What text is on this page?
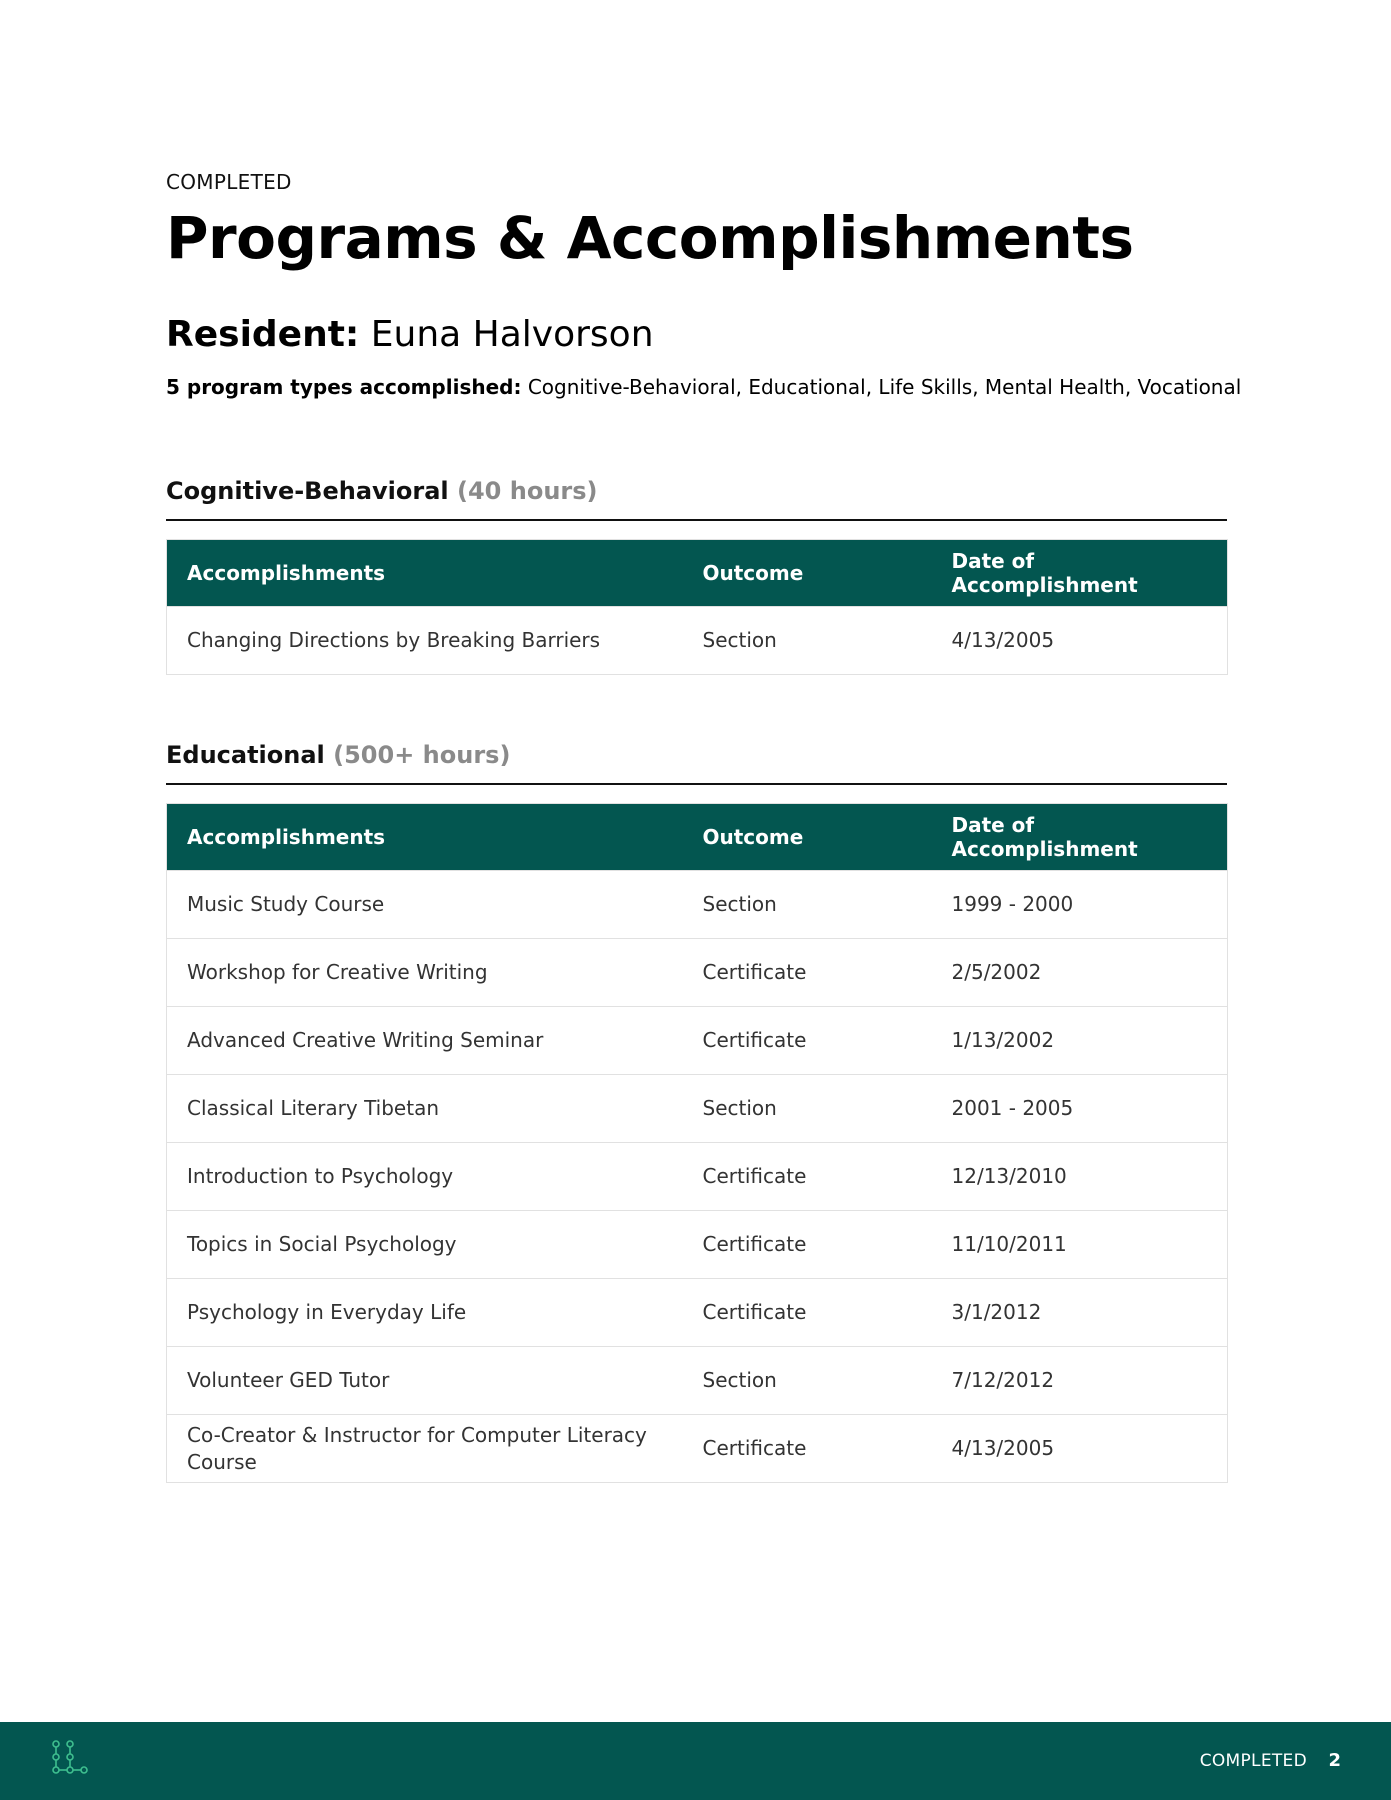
COMPLETED
Programs & Accomplishments
Resident: Euna Halvorson
5 program types accomplished: Cognitive-Behavioral, Educational, Life Skills, Mental Health, Vocational
Cognitive-Behavioral (40 hours)
Accomplishments	Outcome	Date of Accomplishment
Changing Directions by Breaking Barriers	Section	4/13/2005
Educational (500+ hours)
Accomplishments	Outcome	Date of Accomplishment
Music Study Course	Section	1999 - 2000
Workshop for Creative Writing	Certificate	2/5/2002
Advanced Creative Writing Seminar	Certificate	1/13/2002
Classical Literary Tibetan	Section	2001 - 2005
Introduction to Psychology	Certificate	12/13/2010
Topics in Social Psychology	Certificate	11/10/2011
Psychology in Everyday Life	Certificate	3/1/2012
Volunteer GED Tutor	Section	7/12/2012
Co-Creator & Instructor for Computer Literacy Course	Certificate	4/13/2005
COMPLETED 2
